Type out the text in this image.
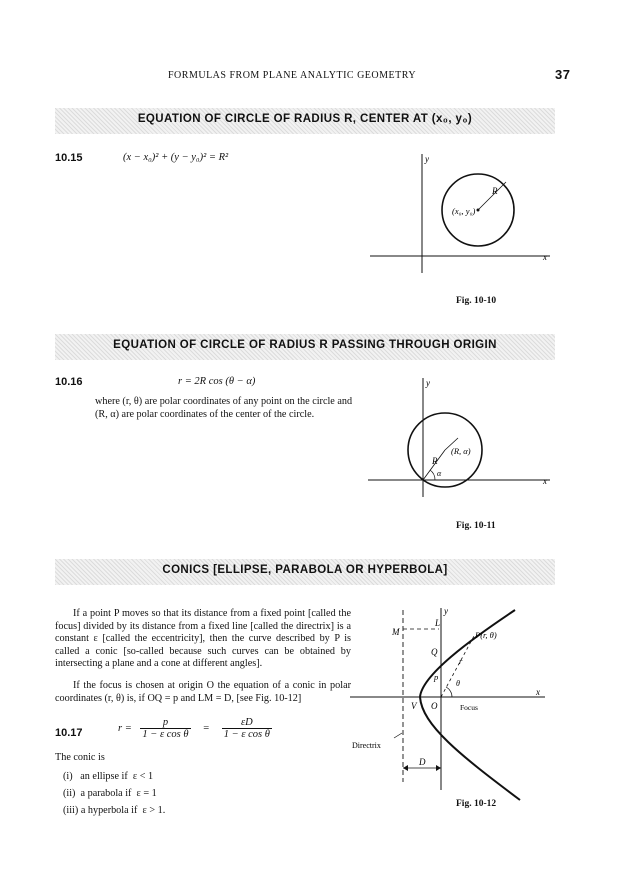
FORMULAS FROM PLANE ANALYTIC GEOMETRY	37
EQUATION OF CIRCLE OF RADIUS R, CENTER AT (x₀, y₀)
10.15	(x − x₀)² + (y − y₀)² = R²	y
x
R
(x₀, y₀)
Fig. 10-10
EQUATION OF CIRCLE OF RADIUS R PASSING THROUGH ORIGIN
10.16	r = 2R cos (θ − α)
where (r, θ) are polar coordinates of any point on the circle and (R, α) are polar coordinates of the center of the circle.
y
x
R
(R, α)
α
Fig. 10-11
CONICS [ELLIPSE, PARABOLA OR HYPERBOLA]
If a point P moves so that its distance from a fixed point [called the focus] divided by its distance from a fixed line [called the directrix] is a constant ε [called the eccentricity], then the curve described by P is called a conic [so-called because such curves can be obtained by intersecting a plane and a cone at different angles].
If the focus is chosen at origin O the equation of a conic in polar coordinates (r, θ) is, if OQ = p and LM = D, [see Fig. 10-12]
10.17	$r = \frac{p}{\text{1 − ε cos θ}} = \frac{\varepsilon D}{\text{1 − ε cos θ}}$
The conic is
(i)   an ellipse if  ε < 1
(ii)  a parabola if  ε = 1
(iii) a hyperbola if  ε > 1.
y
x
M
L
P(r, θ)
Q
r
p
θ
V O	Focus
Directrix
D
Fig. 10-12
